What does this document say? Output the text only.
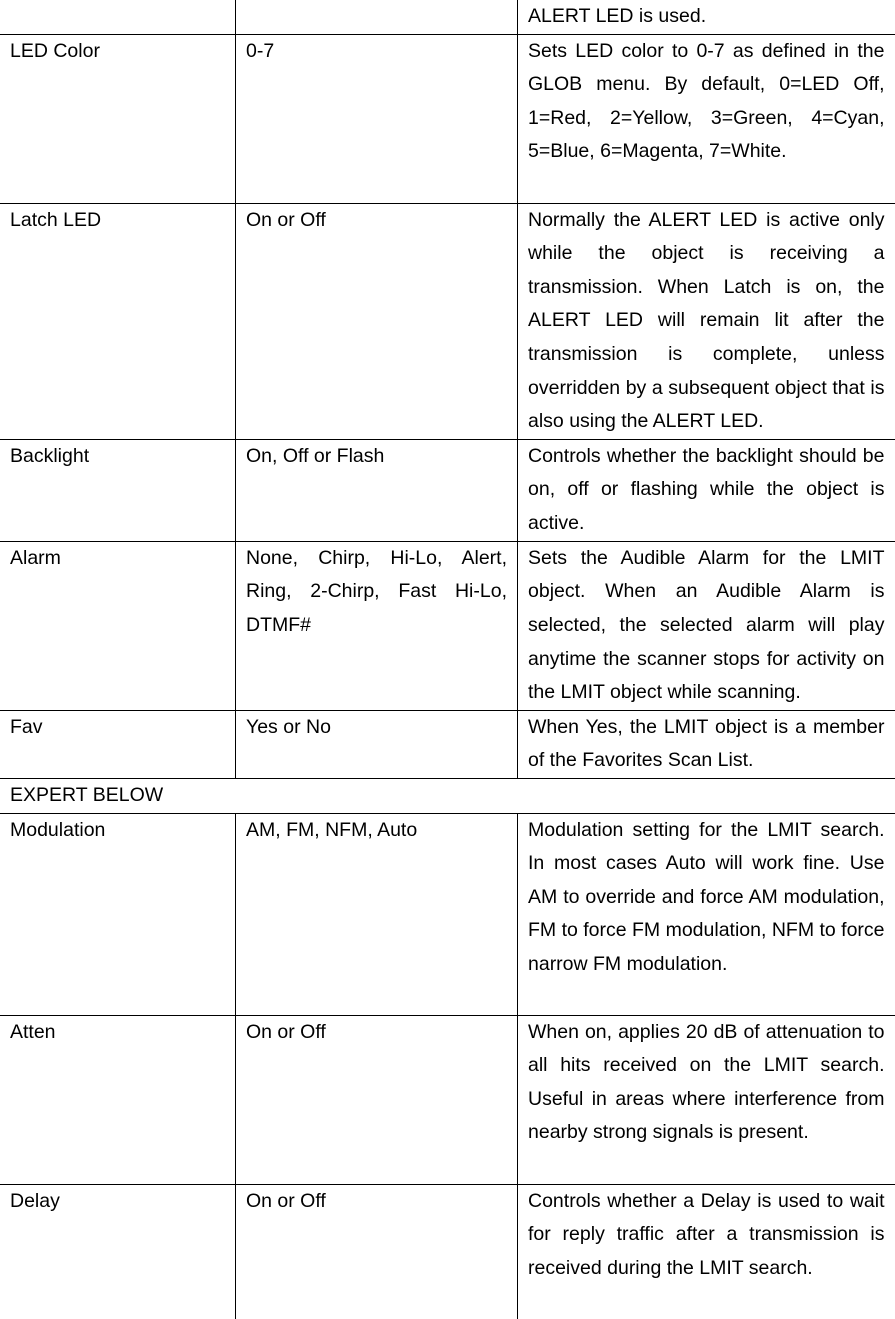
		ALERT LED is used.
LED Color	0-7	Sets LED color to 0-7 as defined in the GLOB menu. By default, 0=LED Off, 1=Red, 2=Yellow, 3=Green, 4=Cyan, 5=Blue, 6=Magenta, 7=White.
Latch LED	On or Off	Normally the ALERT LED is active only while the object is receiving a transmission. When Latch is on, the ALERT LED will remain lit after the transmission is complete, unless overridden by a subsequent object that is also using the ALERT LED.
Backlight	On, Off or Flash	Controls whether the backlight should be on, off or flashing while the object is active.
Alarm	None, Chirp, Hi-Lo, Alert, Ring, 2-Chirp, Fast Hi-Lo, DTMF#	Sets the Audible Alarm for the LMIT object. When an Audible Alarm is selected, the selected alarm will play anytime the scanner stops for activity on the LMIT object while scanning.
Fav	Yes or No	When Yes, the LMIT object is a member of the Favorites Scan List.
EXPERT BELOW		
Modulation	AM, FM, NFM, Auto	Modulation setting for the LMIT search. In most cases Auto will work fine. Use AM to override and force AM modulation, FM to force FM modulation, NFM to force narrow FM modulation.
Atten	On or Off	When on, applies 20 dB of attenuation to all hits received on the LMIT search. Useful in areas where interference from nearby strong signals is present.
Delay	On or Off	Controls whether a Delay is used to wait for reply traffic after a transmission is received during the LMIT search.
